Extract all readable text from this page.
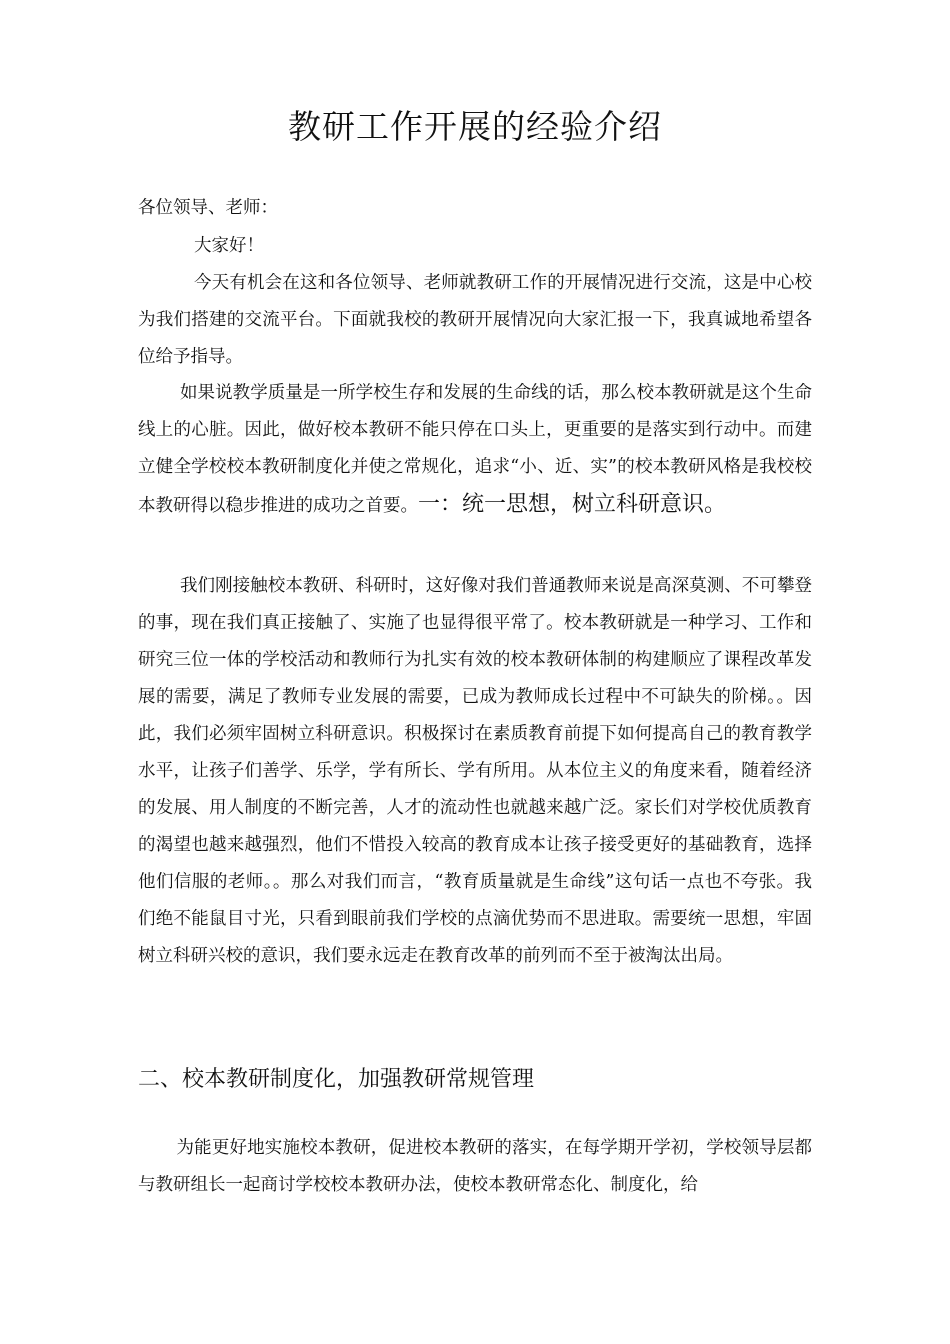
教研工作开展的经验介绍

各位领导、老师：

大家好！

今天有机会在这和各位领导、老师就教研工作的开展情况进行交流，这是中心校为我们搭建的交流平台。下面就我校的教研开展情况向大家汇报一下，我真诚地希望各位给予指导。

如果说教学质量是一所学校生存和发展的生命线的话，那么校本教研就是这个生命线上的心脏。因此，做好校本教研不能只停在口头上，更重要的是落实到行动中。而建立健全学校校本教研制度化并使之常规化，追求“小、近、实”的校本教研风格是我校校本教研得以稳步推进的成功之首要。一：统一思想，树立科研意识。

我们刚接触校本教研、科研时，这好像对我们普通教师来说是高深莫测、不可攀登的事，现在我们真正接触了、实施了也显得很平常了。校本教研就是一种学习、工作和研究三位一体的学校活动和教师行为扎实有效的校本教研体制的构建顺应了课程改革发展的需要，满足了教师专业发展的需要，已成为教师成长过程中不可缺失的阶梯。。因此，我们必须牢固树立科研意识。积极探讨在素质教育前提下如何提高自己的教育教学水平，让孩子们善学、乐学，学有所长、学有所用。从本位主义的角度来看，随着经济的发展、用人制度的不断完善，人才的流动性也就越来越广泛。家长们对学校优质教育的渴望也越来越强烈，他们不惜投入较高的教育成本让孩子接受更好的基础教育，选择他们信服的老师。。那么对我们而言，“教育质量就是生命线”这句话一点也不夸张。我们绝不能鼠目寸光，只看到眼前我们学校的点滴优势而不思进取。需要统一思想，牢固树立科研兴校的意识，我们要永远走在教育改革的前列而不至于被淘汰出局。

二、校本教研制度化，加强教研常规管理

为能更好地实施校本教研，促进校本教研的落实，在每学期开学初，学校领导层都与教研组长一起商讨学校校本教研办法，使校本教研常态化、制度化，给
